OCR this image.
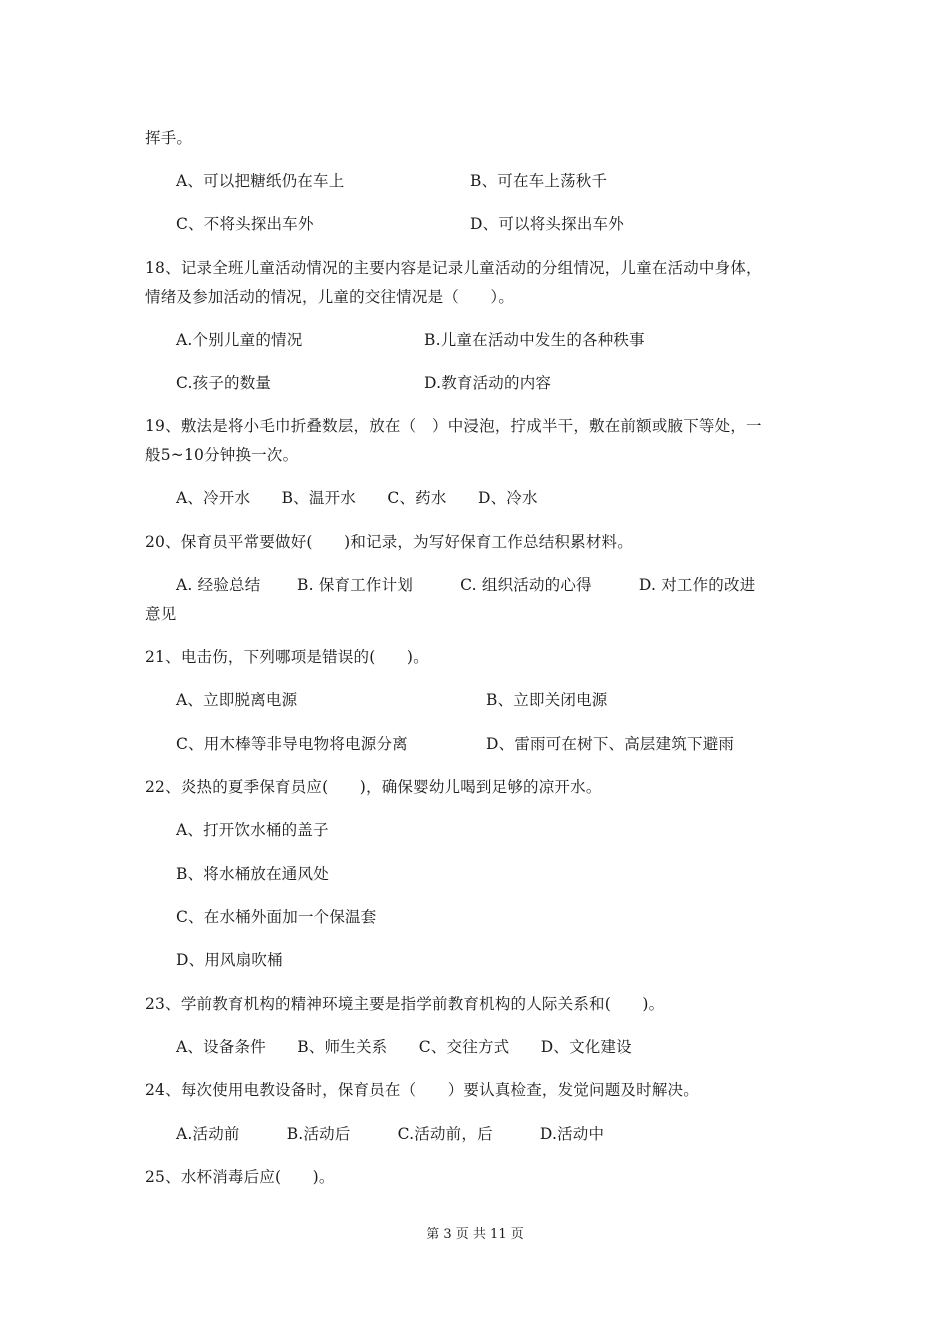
挥手。
A、可以把糖纸仍在车上	B、可在车上荡秋千
C、不将头探出车外	D、可以将头探出车外
18、记录全班儿童活动情况的主要内容是记录儿童活动的分组情况，儿童在活动中身体，
情绪及参加活动的情况，儿童的交往情况是（　　）。
A.个别儿童的情况	B.儿童在活动中发生的各种秩事
C.孩子的数量	D.教育活动的内容
19、敷法是将小毛巾折叠数层，放在（　）中浸泡，拧成半干，敷在前额或腋下等处，一
般5~10分钟换一次。
A、冷开水　　B、温开水　　C、药水　　D、冷水
20、保育员平常要做好(　　)和记录，为写好保育工作总结积累材料。
A. 经验总结　　 B. 保育工作计划　　　C. 组织活动的心得　　　D. 对工作的改进
意见
21、电击伤，下列哪项是错误的(　　)。
A、立即脱离电源	B、立即关闭电源
C、用木棒等非导电物将电源分离	D、雷雨可在树下、高层建筑下避雨
22、炎热的夏季保育员应(　　)，确保婴幼儿喝到足够的凉开水。
A、打开饮水桶的盖子
B、将水桶放在通风处
C、在水桶外面加一个保温套
D、用风扇吹桶
23、学前教育机构的精神环境主要是指学前教育机构的人际关系和(　　)。
A、设备条件　　B、师生关系　　C、交往方式　　D、文化建设
24、每次使用电教设备时，保育员在（　　）要认真检查，发觉问题及时解决。
A.活动前　　　B.活动后　　　C.活动前，后　　　D.活动中
25、水杯消毒后应(　　)。
第 3 页 共 11 页
